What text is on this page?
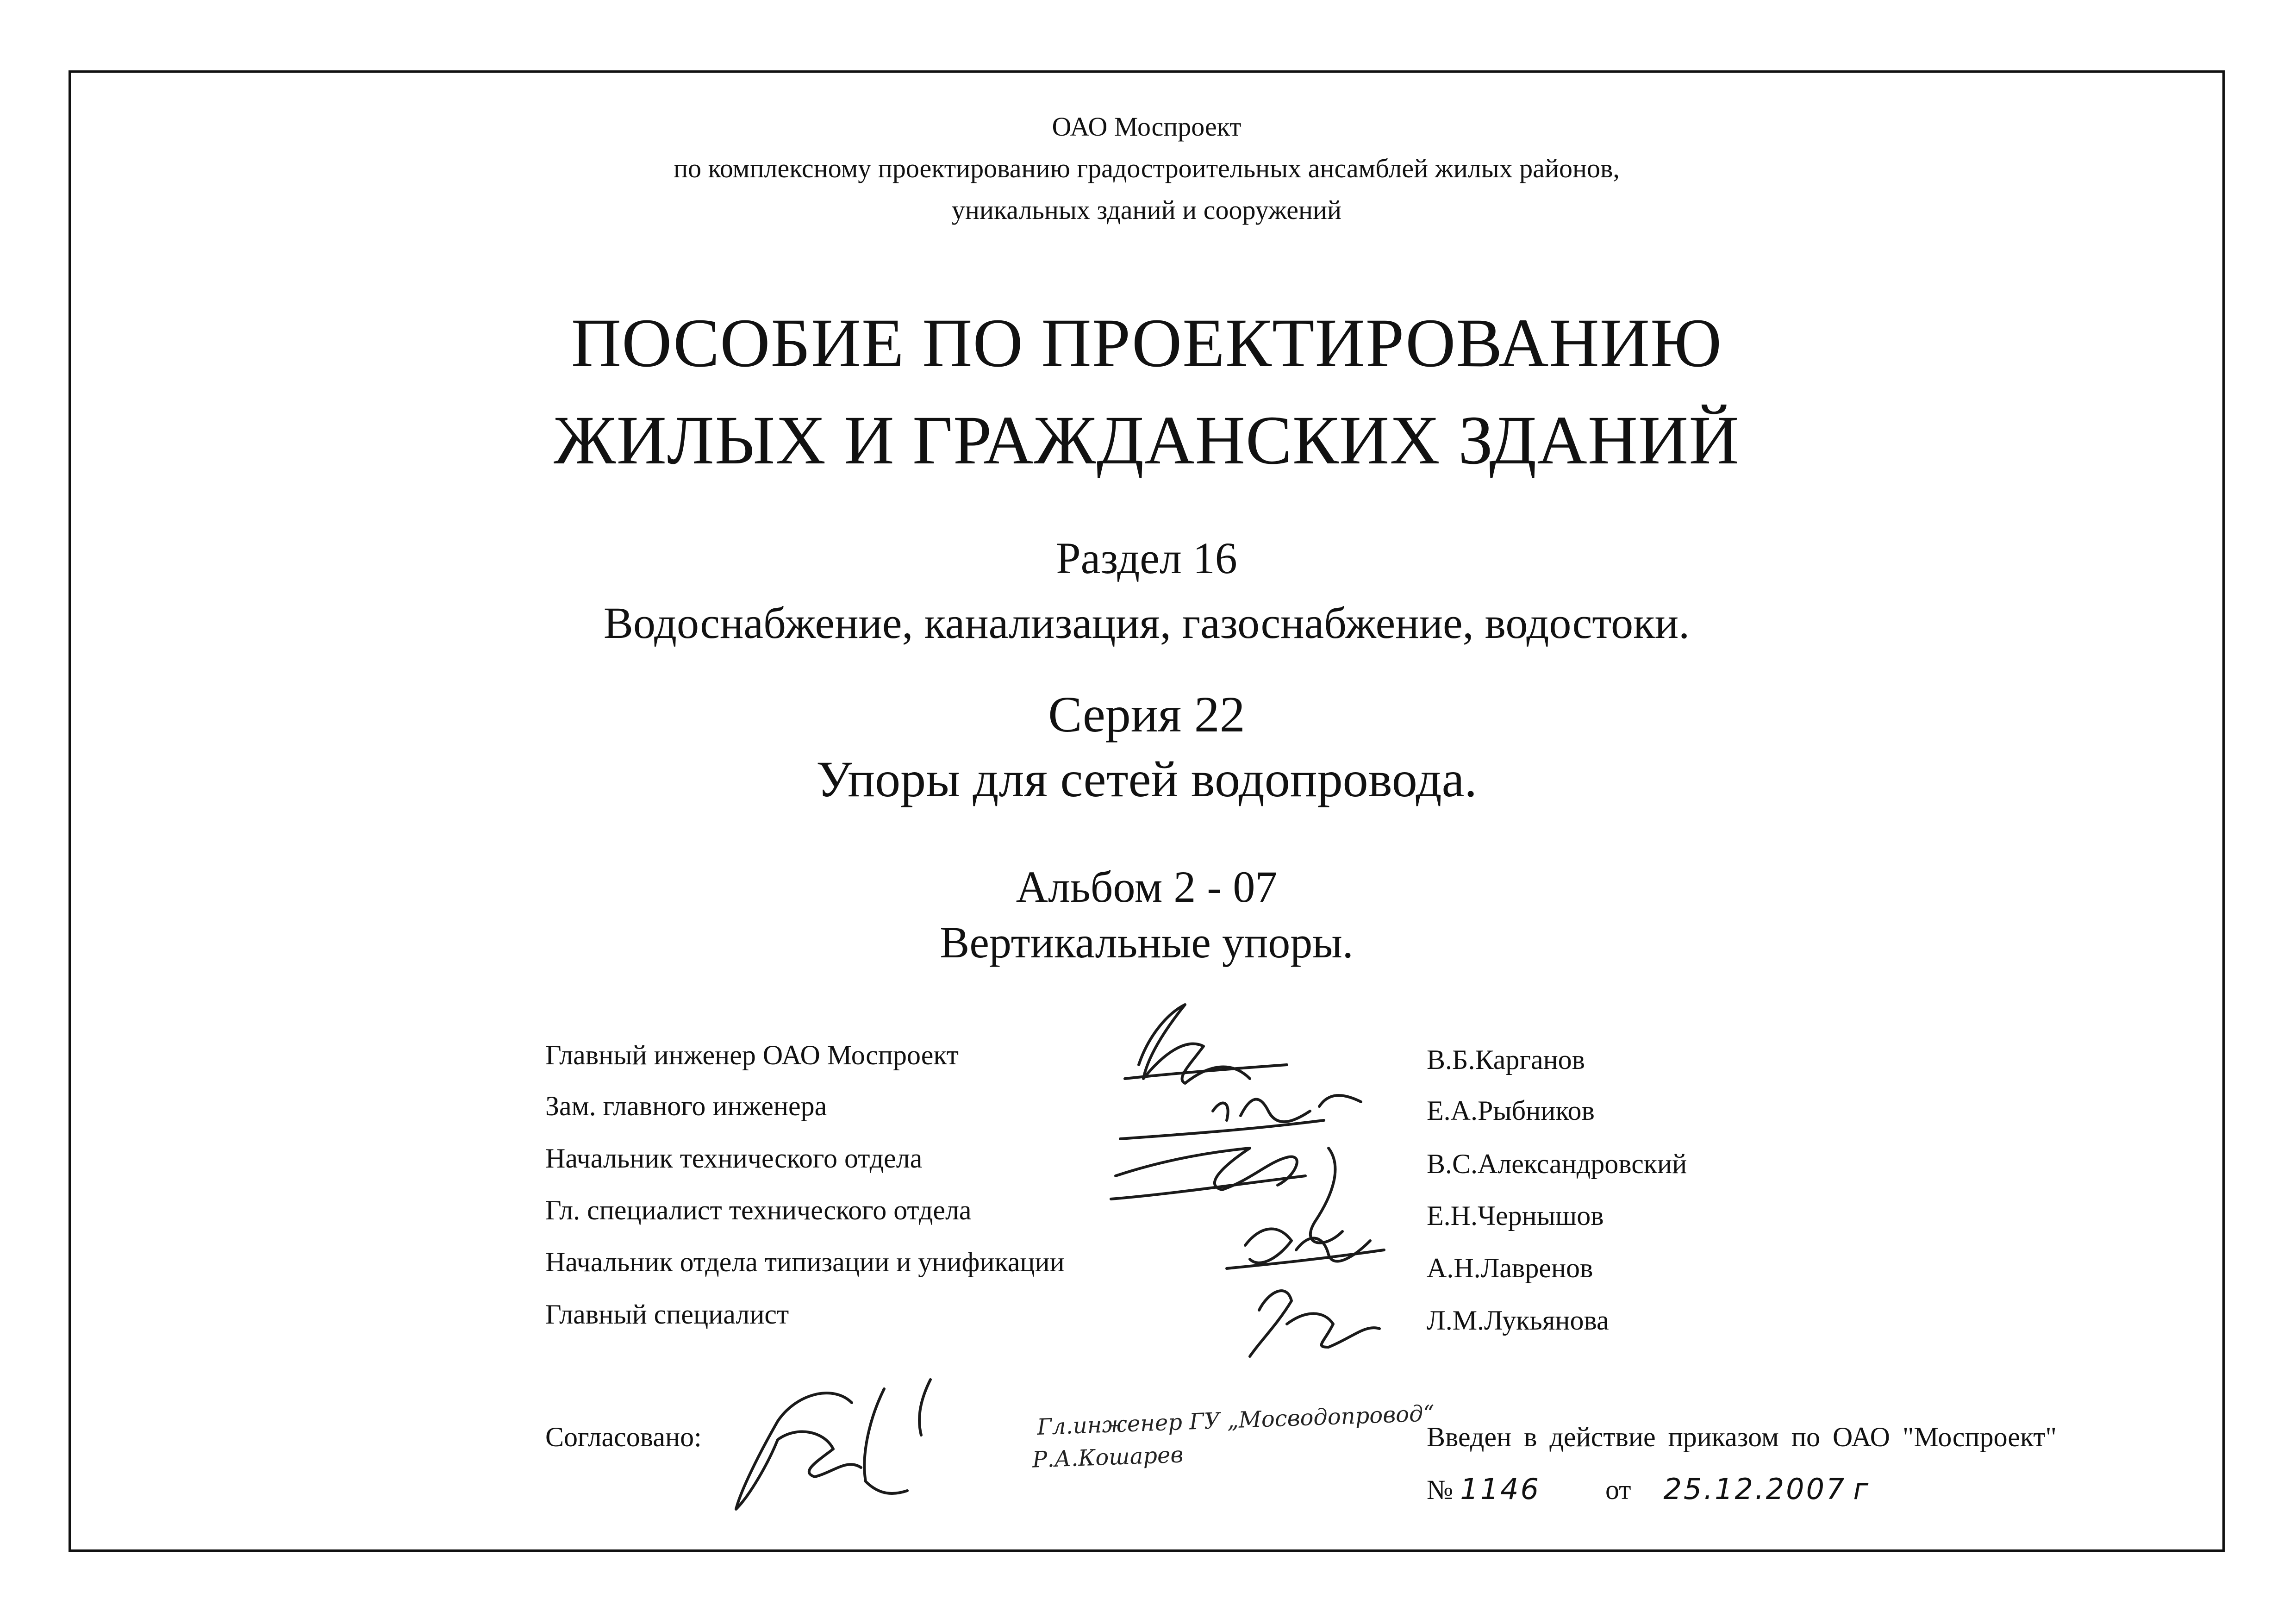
ОАО Моспроект
по комплексному проектированию градостроительных ансамблей жилых районов,
уникальных зданий и сооружений
ПОСОБИЕ ПО ПРОЕКТИРОВАНИЮ
ЖИЛЫХ И ГРАЖДАНСКИХ ЗДАНИЙ
Раздел 16
Водоснабжение, канализация, газоснабжение, водостоки.
Серия 22
Упоры для сетей водопровода.
Альбом 2 - 07
Вертикальные упоры.
Главный инженер ОАО Моспроект	В.Б.Карганов
Зам. главного инженера	Е.А.Рыбников
Начальник технического отдела	В.С.Александровский
Гл. специалист технического отдела	Е.Н.Чернышов
Начальник отдела типизации и унификации	А.Н.Лавренов
Главный специалист	Л.М.Лукьянова
Согласовано:	Гл.инженер ГУ „Мосводопровод“
Р.А.Кошарев
Введен в действие приказом по ОАО "Моспроект"
№ 1146 от 25.12.2007 г
